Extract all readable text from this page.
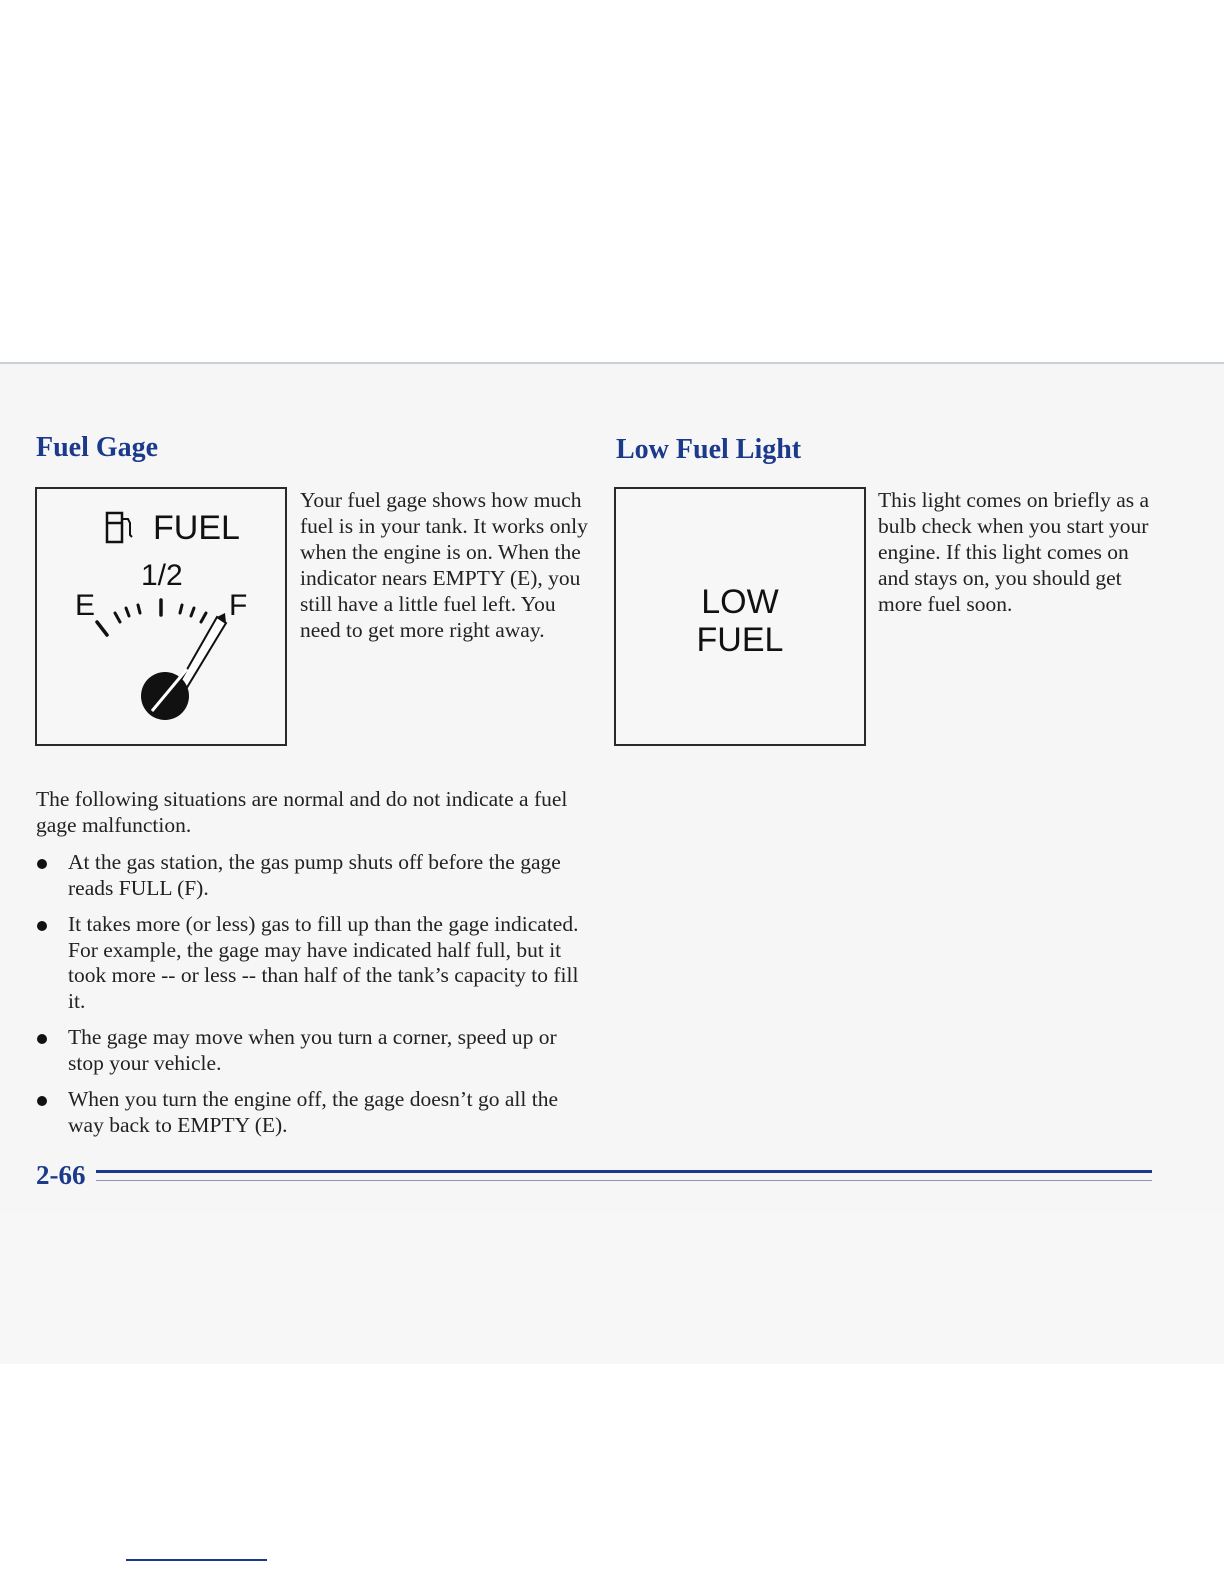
Fuel Gage
FUEL
1/2
E	F

Your fuel gage shows how much fuel is in your tank. It works only when the engine is on. When the indicator nears EMPTY (E), you still have a little fuel left. You need to get more right away.

Low Fuel Light
LOW
FUEL

This light comes on briefly as a bulb check when you start your engine. If this light comes on and stays on, you should get more fuel soon.

The following situations are normal and do not indicate a fuel gage malfunction.

At the gas station, the gas pump shuts off before the gage reads FULL (F).
It takes more (or less) gas to fill up than the gage indicated. For example, the gage may have indicated half full, but it took more -- or less -- than half of the tank’s capacity to fill it.
The gage may move when you turn a corner, speed up or stop your vehicle.
When you turn the engine off, the gage doesn’t go all the way back to EMPTY (E).

2-66
